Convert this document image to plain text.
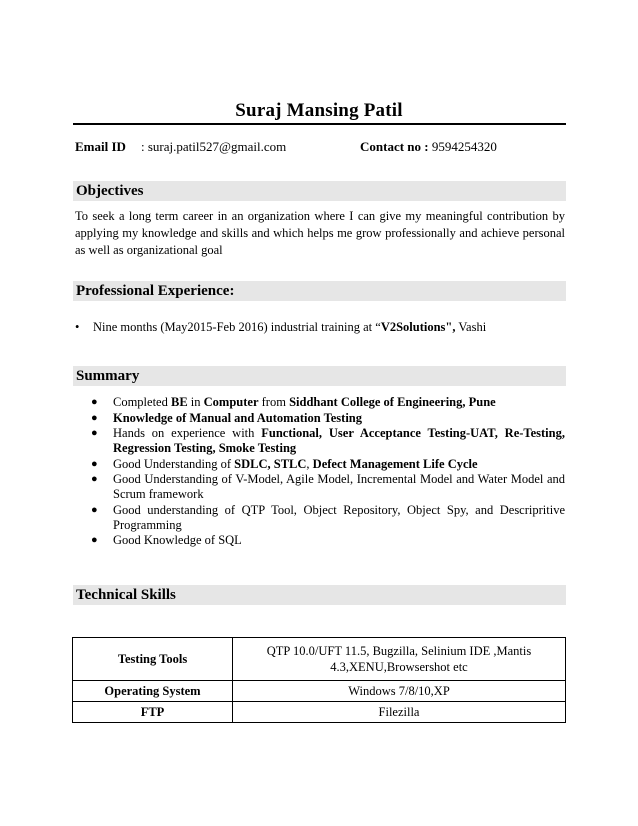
Suraj Mansing Patil
Email ID : suraj.patil527@gmail.com	Contact no : 9594254320
Objectives
To seek a long term career in an organization where I can give my meaningful contribution by applying my knowledge and skills and which helps me grow professionally and achieve personal as well as organizational goal
Professional Experience:
• Nine months (May2015-Feb 2016) industrial training at “V2Solutions", Vashi
Summary
● Completed BE in Computer from Siddhant College of Engineering, Pune
● Knowledge of Manual and Automation Testing
● Hands on experience with Functional, User Acceptance Testing-UAT, Re-Testing, Regression Testing, Smoke Testing
● Good Understanding of SDLC, STLC, Defect Management Life Cycle
● Good Understanding of V-Model, Agile Model, Incremental Model and Water Model and Scrum framework
● Good understanding of QTP Tool, Object Repository, Object Spy, and Descripritive Programming
● Good Knowledge of SQL
Technical Skills
Testing Tools	QTP 10.0/UFT 11.5, Bugzilla, Selinium IDE ,Mantis
4.3,XENU,Browsershot etc
Operating System	Windows 7/8/10,XP
FTP	Filezilla
